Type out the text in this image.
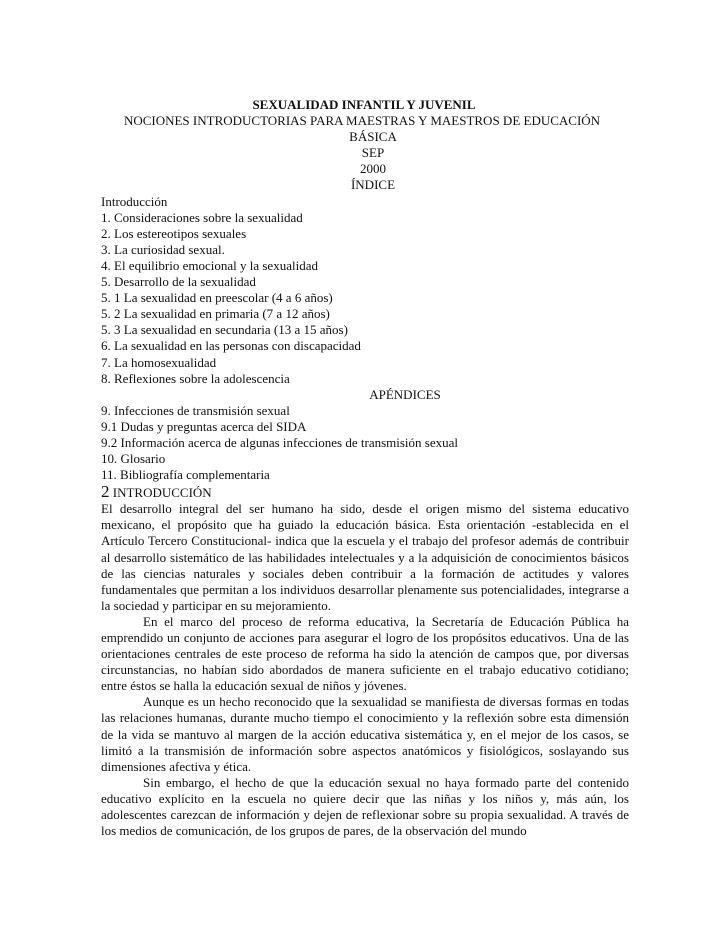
SEXUALIDAD INFANTIL Y JUVENIL
NOCIONES INTRODUCTORIAS PARA MAESTRAS Y MAESTROS DE EDUCACIÓN
BÁSICA
SEP
2000
ÍNDICE
Introducción
1. Consideraciones sobre la sexualidad
2. Los estereotipos sexuales
3. La curiosidad sexual.
4. El equilibrio emocional y la sexualidad
5. Desarrollo de la sexualidad
5. 1 La sexualidad en preescolar (4 a 6 años)
5. 2 La sexualidad en primaria (7 a 12 años)
5. 3 La sexualidad en secundaria (13 a 15 años)
6. La sexualidad en las personas con discapacidad
7. La homosexualidad
8. Reflexiones sobre la adolescencia
APÉNDICES
9. Infecciones de transmisión sexual
9.1 Dudas y preguntas acerca del SIDA
9.2 Información acerca de algunas infecciones de transmisión sexual
10. Glosario
11. Bibliografía complementaria
2 INTRODUCCIÓN

El desarrollo integral del ser humano ha sido, desde el origen mismo del sistema educativo mexicano, el propósito que ha guiado la educación básica. Esta orientación -establecida en el Artículo Tercero Constitucional- indica que la escuela y el trabajo del profesor además de contribuir al desarrollo sistemático de las habilidades intelectuales y a la adquisición de conocimientos básicos de las ciencias naturales y sociales deben contribuir a la formación de actitudes y valores fundamentales que permitan a los individuos desarrollar plenamente sus potencialidades, integrarse a la sociedad y participar en su mejoramiento.

En el marco del proceso de reforma educativa, la Secretaría de Educación Pública ha emprendido un conjunto de acciones para asegurar el logro de los propósitos educativos. Una de las orientaciones centrales de este proceso de reforma ha sido la atención de campos que, por diversas circunstancias, no habían sido abordados de manera suficiente en el trabajo educativo cotidiano; entre éstos se halla la educación sexual de niños y jóvenes.

Aunque es un hecho reconocido que la sexualidad se manifiesta de diversas formas en todas las relaciones humanas, durante mucho tiempo el conocimiento y la reflexión sobre esta dimensión de la vida se mantuvo al margen de la acción educativa sistemática y, en el mejor de los casos, se limitó a la transmisión de información sobre aspectos anatómicos y fisiológicos, soslayando sus dimensiones afectiva y ética.

Sin embargo, el hecho de que la educación sexual no haya formado parte del contenido educativo explícito en la escuela no quiere decir que las niñas y los niños y, más aún, los adolescentes carezcan de información y dejen de reflexionar sobre su propia sexualidad. A través de los medios de comunicación, de los grupos de pares, de la observación del mundo
